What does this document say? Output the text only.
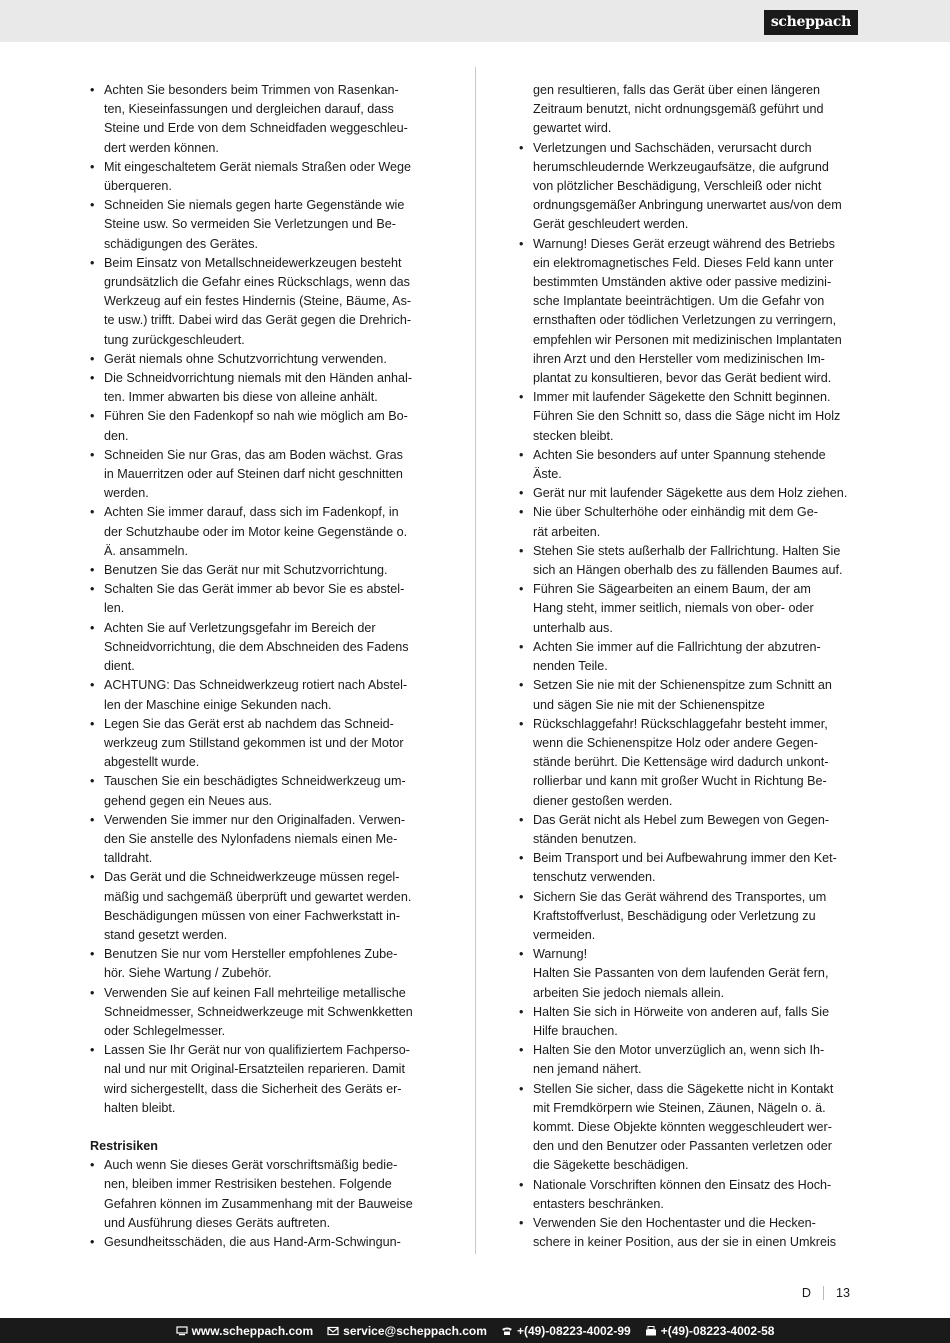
scheppach
• Achten Sie besonders beim Trimmen von Rasenkan-
ten, Kieseinfassungen und dergleichen darauf, dass
Steine und Erde von dem Schneidfaden weggeschleu-
dert werden können.
• Mit eingeschaltetem Gerät niemals Straßen oder Wege
überqueren.
• Schneiden Sie niemals gegen harte Gegenstände wie
Steine usw. So vermeiden Sie Verletzungen und Be-
schädigungen des Gerätes.
• Beim Einsatz von Metallschneidewerkzeugen besteht
grundsätzlich die Gefahr eines Rückschlags, wenn das
Werkzeug auf ein festes Hindernis (Steine, Bäume, As-
te usw.) trifft. Dabei wird das Gerät gegen die Drehrich-
tung zurückgeschleudert.
• Gerät niemals ohne Schutzvorrichtung verwenden.
• Die Schneidvorrichtung niemals mit den Händen anhal-
ten. Immer abwarten bis diese von alleine anhält.
• Führen Sie den Fadenkopf so nah wie möglich am Bo-
den.
• Schneiden Sie nur Gras, das am Boden wächst. Gras
in Mauerritzen oder auf Steinen darf nicht geschnitten
werden.
• Achten Sie immer darauf, dass sich im Fadenkopf, in
der Schutzhaube oder im Motor keine Gegenstände o.
Ä. ansammeln.
• Benutzen Sie das Gerät nur mit Schutzvorrichtung.
• Schalten Sie das Gerät immer ab bevor Sie es abstel-
len.
• Achten Sie auf Verletzungsgefahr im Bereich der
Schneidvorrichtung, die dem Abschneiden des Fadens
dient.
• ACHTUNG: Das Schneidwerkzeug rotiert nach Abstel-
len der Maschine einige Sekunden nach.
• Legen Sie das Gerät erst ab nachdem das Schneid-
werkzeug zum Stillstand gekommen ist und der Motor
abgestellt wurde.
• Tauschen Sie ein beschädigtes Schneidwerkzeug um-
gehend gegen ein Neues aus.
• Verwenden Sie immer nur den Originalfaden. Verwen-
den Sie anstelle des Nylonfadens niemals einen Me-
talldraht.
• Das Gerät und die Schneidwerkzeuge müssen regel-
mäßig und sachgemäß überprüft und gewartet werden.
Beschädigungen müssen von einer Fachwerkstatt in-
stand gesetzt werden.
• Benutzen Sie nur vom Hersteller empfohlenes Zube-
hör. Siehe Wartung / Zubehör.
• Verwenden Sie auf keinen Fall mehrteilige metallische
Schneidmesser, Schneidwerkzeuge mit Schwenkketten
oder Schlegelmesser.
• Lassen Sie Ihr Gerät nur von qualifiziertem Fachperso-
nal und nur mit Original-Ersatzteilen reparieren. Damit
wird sichergestellt, dass die Sicherheit des Geräts er-
halten bleibt.
Restrisiken
• Auch wenn Sie dieses Gerät vorschriftsmäßig bedie-
nen, bleiben immer Restrisiken bestehen. Folgende
Gefahren können im Zusammenhang mit der Bauweise
und Ausführung dieses Geräts auftreten.
• Gesundheitsschäden, die aus Hand-Arm-Schwingun-
gen resultieren, falls das Gerät über einen längeren
Zeitraum benutzt, nicht ordnungsgemäß geführt und
gewartet wird.
• Verletzungen und Sachschäden, verursacht durch
herumschleudernde Werkzeugaufsätze, die aufgrund
von plötzlicher Beschädigung, Verschleiß oder nicht
ordnungsgemäßer Anbringung unerwartet aus/von dem
Gerät geschleudert werden.
• Warnung! Dieses Gerät erzeugt während des Betriebs
ein elektromagnetisches Feld. Dieses Feld kann unter
bestimmten Umständen aktive oder passive medizini-
sche Implantate beeinträchtigen. Um die Gefahr von
ernsthaften oder tödlichen Verletzungen zu verringern,
empfehlen wir Personen mit medizinischen Implantaten
ihren Arzt und den Hersteller vom medizinischen Im-
plantat zu konsultieren, bevor das Gerät bedient wird.
• Immer mit laufender Sägekette den Schnitt beginnen.
Führen Sie den Schnitt so, dass die Säge nicht im Holz
stecken bleibt.
• Achten Sie besonders auf unter Spannung stehende
Äste.
• Gerät nur mit laufender Sägekette aus dem Holz ziehen.
• Nie über Schulterhöhe oder einhändig mit dem Ge-
rät arbeiten.
• Stehen Sie stets außerhalb der Fallrichtung. Halten Sie
sich an Hängen oberhalb des zu fällenden Baumes auf.
• Führen Sie Sägearbeiten an einem Baum, der am
Hang steht, immer seitlich, niemals von ober- oder
unterhalb aus.
• Achten Sie immer auf die Fallrichtung der abzutren-
nenden Teile.
• Setzen Sie nie mit der Schienenspitze zum Schnitt an
und sägen Sie nie mit der Schienenspitze
• Rückschlaggefahr! Rückschlaggefahr besteht immer,
wenn die Schienenspitze Holz oder andere Gegen-
stände berührt. Die Kettensäge wird dadurch unkont-
rollierbar und kann mit großer Wucht in Richtung Be-
diener gestoßen werden.
• Das Gerät nicht als Hebel zum Bewegen von Gegen-
ständen benutzen.
• Beim Transport und bei Aufbewahrung immer den Ket-
tenschutz verwenden.
• Sichern Sie das Gerät während des Transportes, um
Kraftstoffverlust, Beschädigung oder Verletzung zu
vermeiden.
• Warnung!
Halten Sie Passanten von dem laufenden Gerät fern,
arbeiten Sie jedoch niemals allein.
• Halten Sie sich in Hörweite von anderen auf, falls Sie
Hilfe brauchen.
• Halten Sie den Motor unverzüglich an, wenn sich Ih-
nen jemand nähert.
• Stellen Sie sicher, dass die Sägekette nicht in Kontakt
mit Fremdkörpern wie Steinen, Zäunen, Nägeln o. ä.
kommt. Diese Objekte könnten weggeschleudert wer-
den und den Benutzer oder Passanten verletzen oder
die Sägekette beschädigen.
• Nationale Vorschriften können den Einsatz des Hoch-
entasters beschränken.
• Verwenden Sie den Hochentaster und die Hecken-
schere in keiner Position, aus der sie in einen Umkreis
D	13
www.scheppach.com	service@scheppach.com	+(49)-08223-4002-99	+(49)-08223-4002-58
